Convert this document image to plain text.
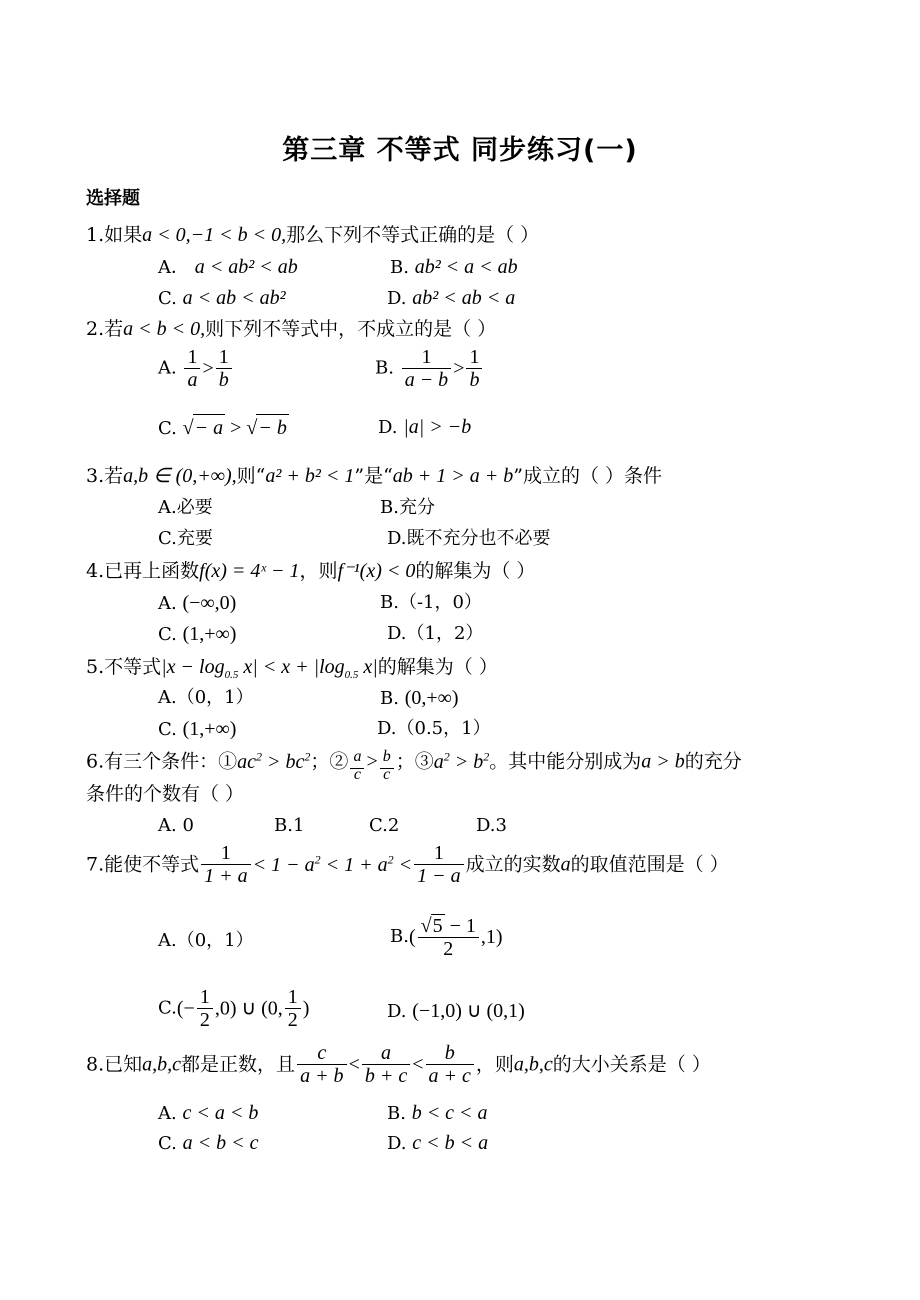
第三章 不等式 同步练习(一)
选择题
1.如果a < 0,−1 < b < 0,那么下列不等式正确的是（ ）
A． a < ab² < ab	B. ab² < a < ab
C. a < ab < ab²	D. ab² < ab < a
2.若a < b < 0,则下列不等式中，不成立的是（ ）
A. $\frac{1}{a} > \frac{1}{b}$	B. $\frac{1}{a - b} > \frac{1}{b}$
C. √− a > √− b	D. |a| > −b
3.若a,b ∈ (0,+∞),则“a² + b² < 1”是“ab + 1 > a + b”成立的（ ）条件
A.必要	B.充分
C.充要	D.既不充分也不必要
4.已再上函数f(x) = 4ˣ − 1，则f⁻¹(x) < 0的解集为（ ）
A. (−∞,0)	B.（-1，0）
C. (1,+∞)	D.（1，2）
5.不等式$|x - \log_{0.5} x| < x + |\log_{0.5}$ x|的解集为（ ）
A.（0，1）	B. (0,+∞)
C. (1,+∞)	D.（0.5，1）
6.有三个条件：$①ac^2 > bc^2$；② $\frac{a}{c} > \frac{b}{c}$ ；$③a^2 > b^2$。其中能分别成为a > b的充分
条件的个数有（ ）
A. 0	B.1	C.2	D.3
7.能使不等式 $\frac{1}{1 + a} < 1 - a^2 < 1 + a^2 < \frac{1}{1 - a}$ 成立的实数a的取值范围是（ ）
A.（0，1）	$B.( \frac{√5 - 1}{2} ,1)$
$C.(- \frac{1}{2} ,0)$ ∪ (0, $\frac{1}{2}$ )	D. (−1,0) ∪ (0,1)
8.已知a,b,c都是正数，且 $\frac{c}{a + b} < \frac{a}{b + c} < \frac{b}{a + c}$ ，则a,b,c的大小关系是（ ）
A. c < a < b	B. b < c < a
C. a < b < c	D. c < b < a
